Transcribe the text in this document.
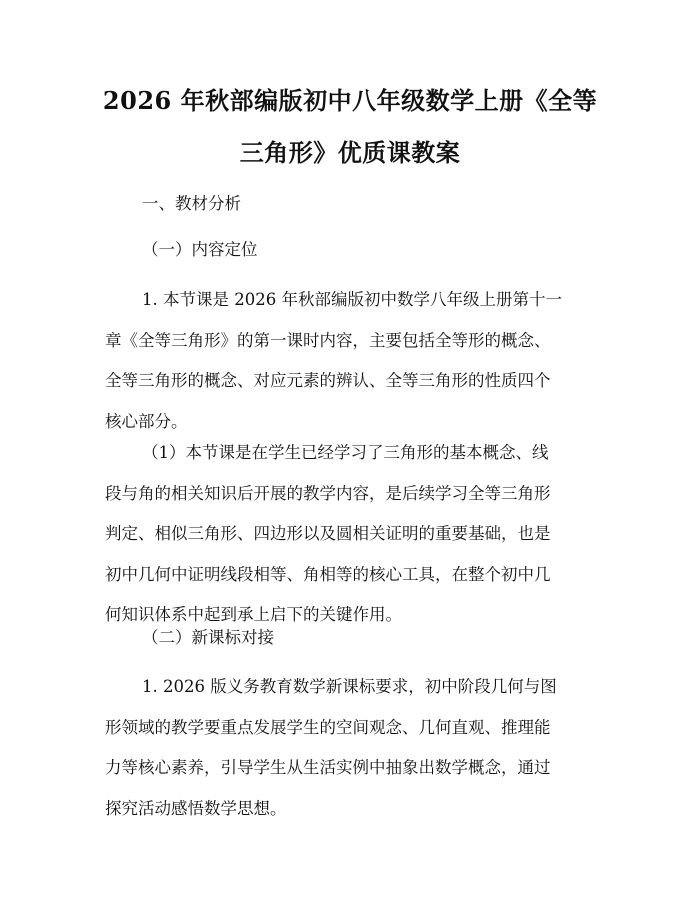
2026 年秋部编版初中八年级数学上册《全等
三角形》优质课教案
一、教材分析
（一）内容定位
1. 本节课是 2026 年秋部编版初中数学八年级上册第十一
章《全等三角形》的第一课时内容，主要包括全等形的概念、
全等三角形的概念、对应元素的辨认、全等三角形的性质四个
核心部分。
（1）本节课是在学生已经学习了三角形的基本概念、线
段与角的相关知识后开展的教学内容，是后续学习全等三角形
判定、相似三角形、四边形以及圆相关证明的重要基础，也是
初中几何中证明线段相等、角相等的核心工具，在整个初中几
何知识体系中起到承上启下的关键作用。
（二）新课标对接
1. 2026 版义务教育数学新课标要求，初中阶段几何与图
形领域的教学要重点发展学生的空间观念、几何直观、推理能
力等核心素养，引导学生从生活实例中抽象出数学概念，通过
探究活动感悟数学思想。
